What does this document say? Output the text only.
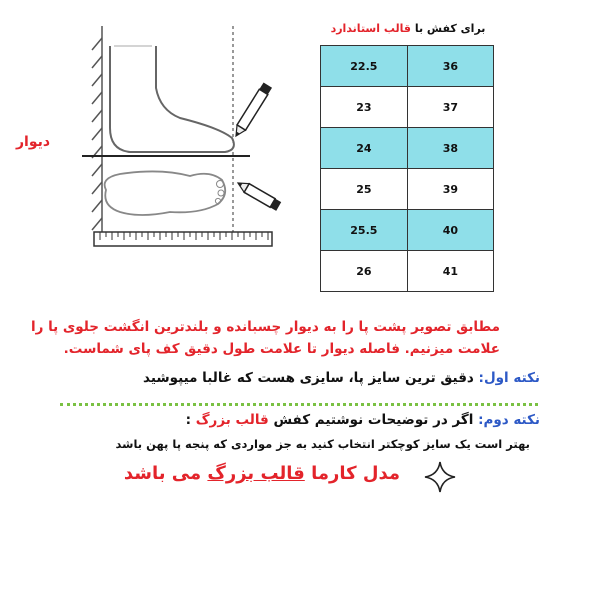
دیوار
برای کفش با قالب استاندارد
22.5	36
23	37
24	38
25	39
25.5	40
26	41
مطابق تصویر پشت پا را به دیوار چسبانده و بلندترین انگشت جلوی پا را
علامت میزنیم. فاصله دیوار تا علامت طول دقیق کف پای شماست.
نکته اول: دقیق ترین سایز پا، سایزی هست که غالبا میپوشید
نکته دوم: اگر در توضیحات نوشتیم کفش قالب بزرگ :
بهتر است یک سایز کوچکتر انتخاب کنید به جز مواردی که پنجه پا پهن باشد
مدل کارما قالب بزرگ می باشد
